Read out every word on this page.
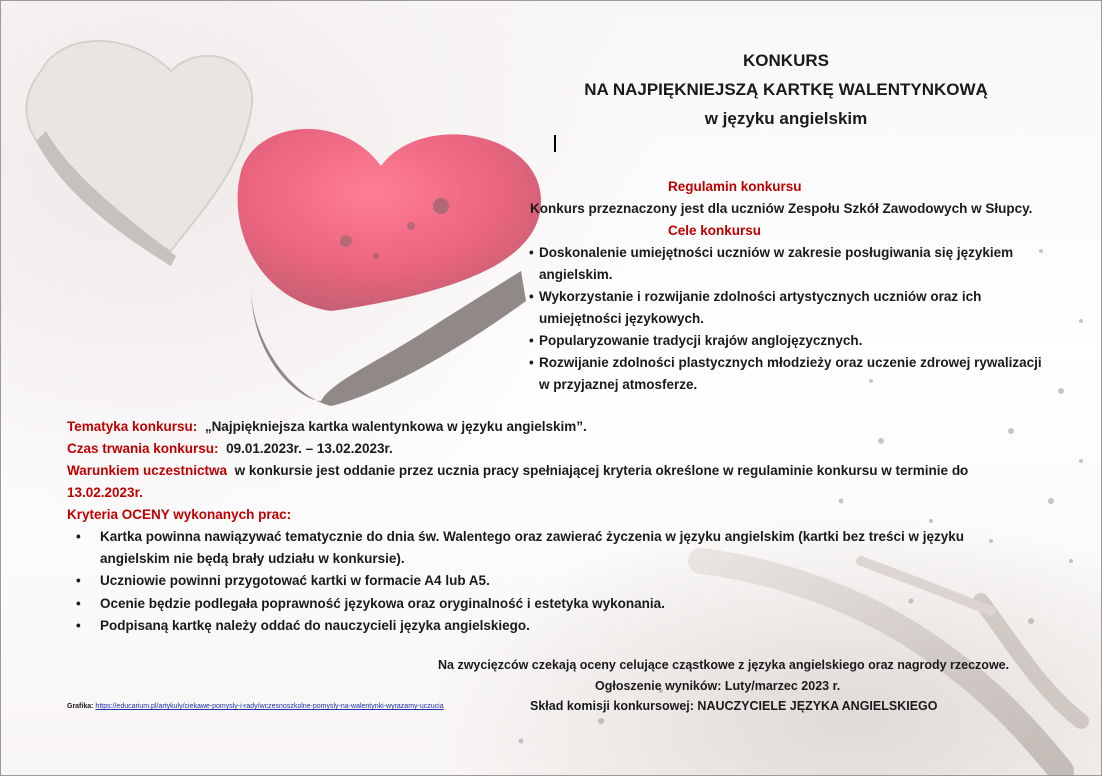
KONKURS
NA NAJPIĘKNIEJSZĄ KARTKĘ WALENTYNKOWĄ
w języku angielskim
Regulamin konkursu
Konkurs przeznaczony jest dla uczniów Zespołu Szkół Zawodowych w Słupcy.
Cele konkursu
• Doskonalenie umiejętności uczniów w zakresie posługiwania się językiem
angielskim.
• Wykorzystanie i rozwijanie zdolności artystycznych uczniów oraz ich
umiejętności językowych.
• Popularyzowanie tradycji krajów anglojęzycznych.
• Rozwijanie zdolności plastycznych młodzieży oraz uczenie zdrowej rywalizacji
w przyjaznej atmosferze.
Tematyka konkursu: „Najpiękniejsza kartka walentynkowa w języku angielskim”.
Czas trwania konkursu: 09.01.2023r. – 13.02.2023r.
Warunkiem uczestnictwa w konkursie jest oddanie przez ucznia pracy spełniającej kryteria określone w regulaminie konkursu w terminie do
13.02.2023r.
Kryteria OCENY wykonanych prac:
• Kartka powinna nawiązywać tematycznie do dnia św. Walentego oraz zawierać życzenia w języku angielskim (kartki bez treści w języku
angielskim nie będą brały udziału w konkursie).
• Uczniowie powinni przygotować kartki w formacie A4 lub A5.
• Ocenie będzie podlegała poprawność językowa oraz oryginalność i estetyka wykonania.
• Podpisaną kartkę należy oddać do nauczycieli języka angielskiego.
Na zwycięzców czekają oceny celujące cząstkowe z języka angielskiego oraz nagrody rzeczowe.
Ogłoszenie wyników: Luty/marzec 2023 r.
Skład komisji konkursowej: NAUCZYCIELE JĘZYKA ANGIELSKIEGO
Grafika: https://educarium.pl/artykuly/ciekawe-pomysly-i-rady/wczesnoszkolne-pomysly-na-walentynki-wyrazamy-uczucia
